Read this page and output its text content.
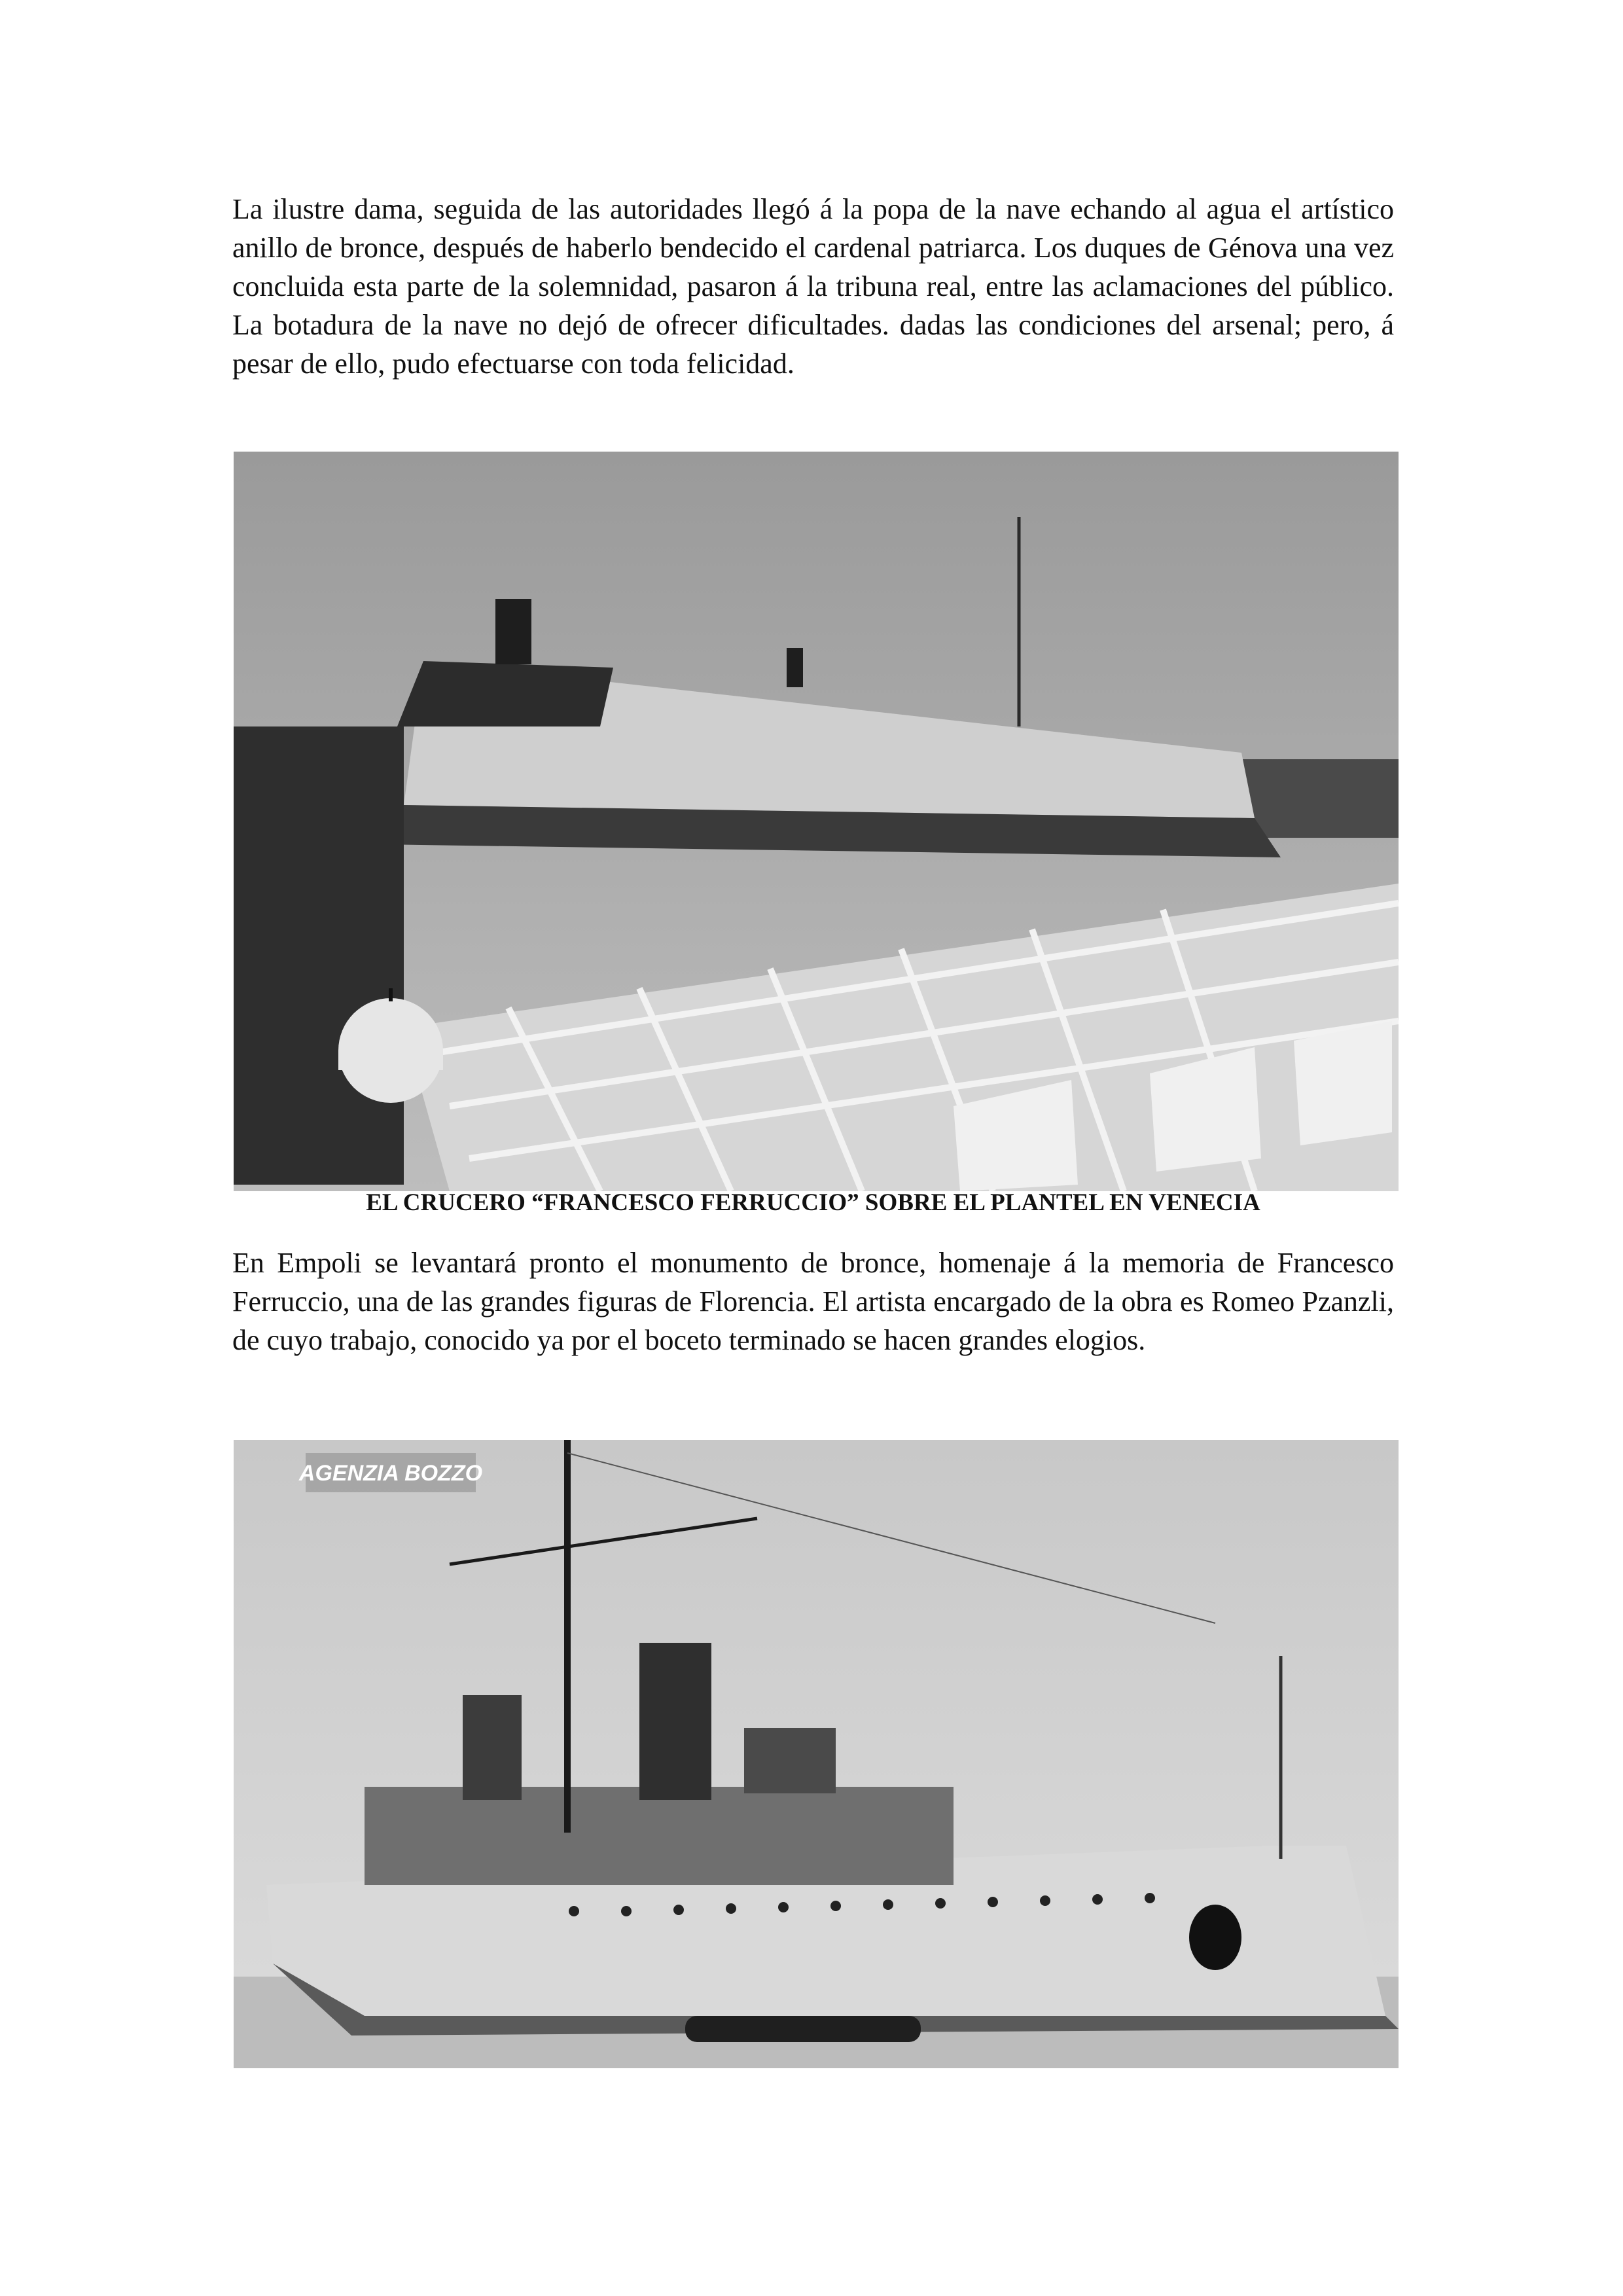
La ilustre dama, seguida de las autoridades llegó á la popa de la nave echando al agua el artístico anillo de bronce, después de haberlo bendecido el cardenal patriarca. Los duques de Génova una vez concluida esta parte de la solemnidad, pasaron á la tribuna real, entre las aclamaciones del público. La botadura de la nave no dejó de ofrecer dificultades. dadas las condiciones del arsenal; pero, á pesar de ello, pudo efectuarse con toda felicidad.

EL CRUCERO “FRANCESCO FERRUCCIO” SOBRE EL PLANTEL EN VENECIA

En Empoli se levantará pronto el monumento de bronce, homenaje á la memoria de Francesco Ferruccio, una de las grandes figuras de Florencia. El artista encargado de la obra es Romeo Pzanzli, de cuyo trabajo, conocido ya por el boceto terminado se hacen grandes elogios.

AGENZIA BOZZO
